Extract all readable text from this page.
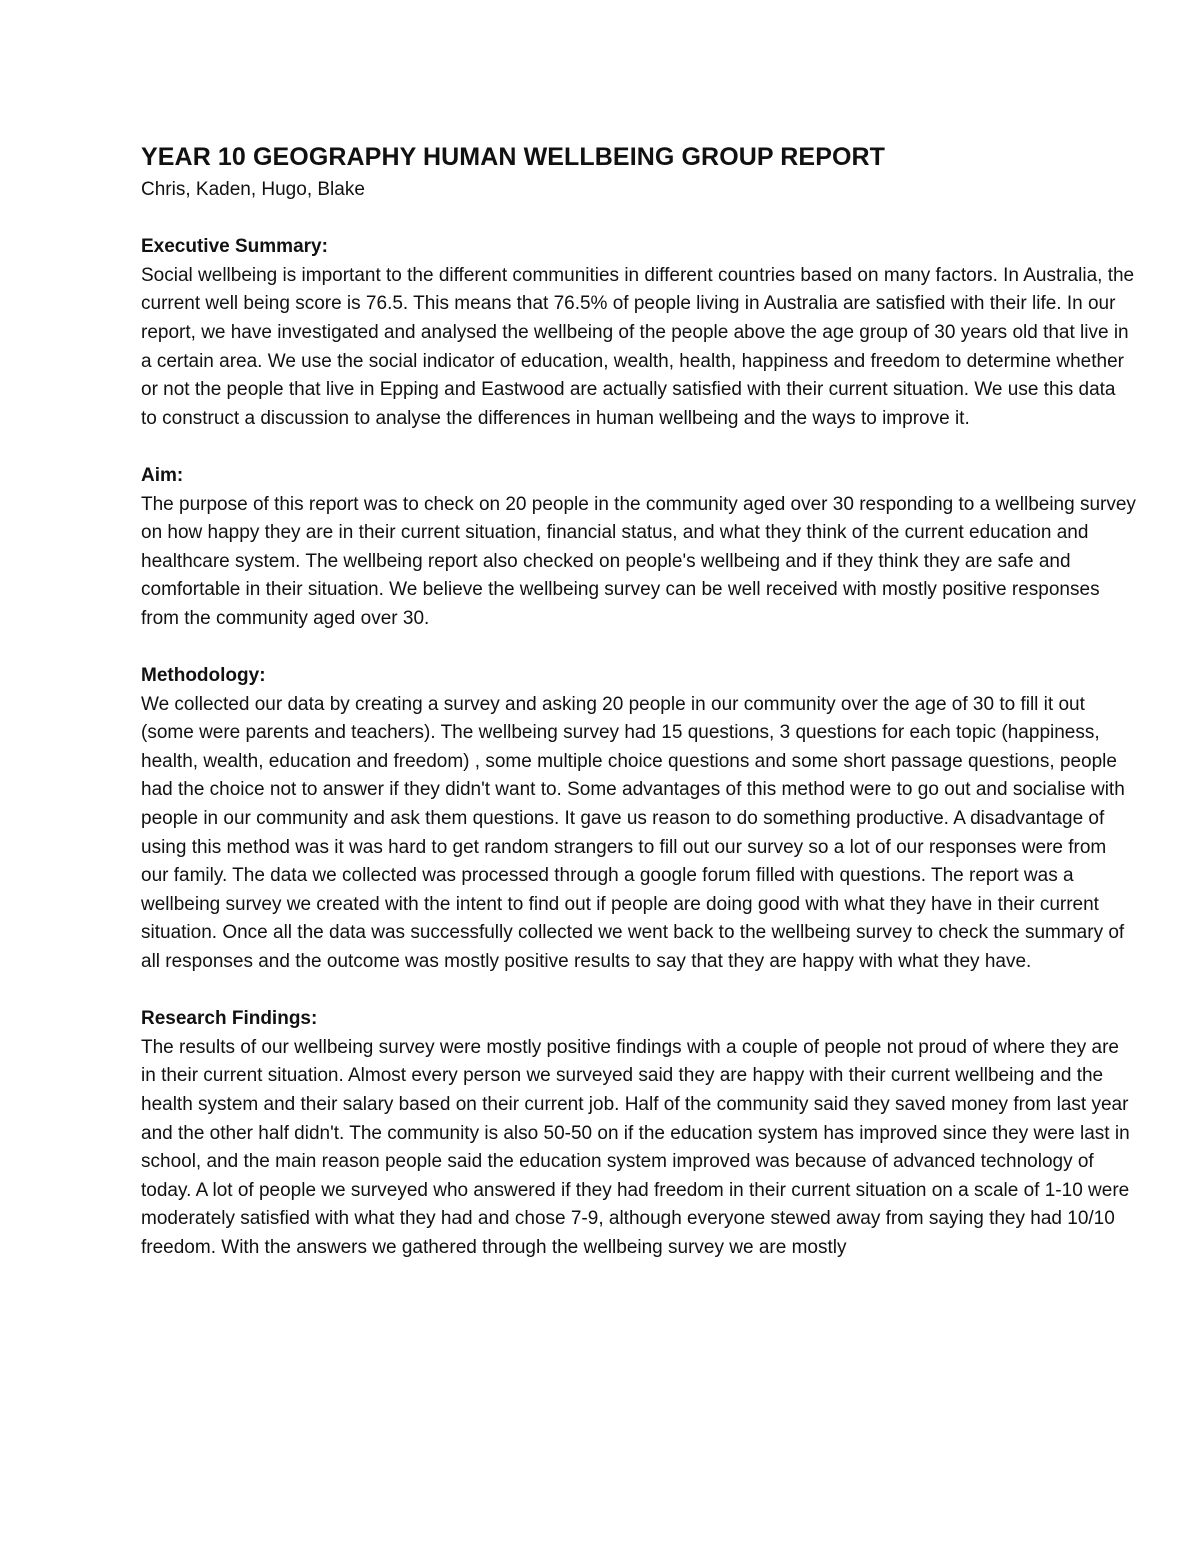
YEAR 10 GEOGRAPHY HUMAN WELLBEING GROUP REPORT

Chris, Kaden, Hugo, Blake

Executive Summary:

Social wellbeing is important to the different communities in different countries based on many factors. In Australia, the current well being score is 76.5. This means that 76.5% of people living in Australia are satisfied with their life. In our report, we have investigated and analysed the wellbeing of the people above the age group of 30 years old that live in a certain area. We use the social indicator of education, wealth, health, happiness and freedom to determine whether or not the people that live in Epping and Eastwood are actually satisfied with their current situation. We use this data to construct a discussion to analyse the differences in human wellbeing and the ways to improve it.

Aim:

The purpose of this report was to check on 20 people in the community aged over 30 responding to a wellbeing survey on how happy they are in their current situation, financial status, and what they think of the current education and healthcare system. The wellbeing report also checked on people's wellbeing and if they think they are safe and comfortable in their situation. We believe the wellbeing survey can be well received with mostly positive responses from the community aged over 30.

Methodology:

We collected our data by creating a survey and asking 20 people in our community over the age of 30 to fill it out (some were parents and teachers). The wellbeing survey had 15 questions, 3 questions for each topic (happiness, health, wealth, education and freedom) , some multiple choice questions and some short passage questions, people had the choice not to answer if they didn't want to. Some advantages of this method were to go out and socialise with people in our community and ask them questions. It gave us reason to do something productive. A disadvantage of using this method was it was hard to get random strangers to fill out our survey so a lot of our responses were from our family. The data we collected was processed through a google forum filled with questions. The report was a wellbeing survey we created with the intent to find out if people are doing good with what they have in their current situation. Once all the data was successfully collected we went back to the wellbeing survey to check the summary of all responses and the outcome was mostly positive results to say that they are happy with what they have.

Research Findings:

The results of our wellbeing survey were mostly positive findings with a couple of people not proud of where they are in their current situation. Almost every person we surveyed said they are happy with their current wellbeing and the health system and their salary based on their current job. Half of the community said they saved money from last year and the other half didn't. The community is also 50-50 on if the education system has improved since they were last in school, and the main reason people said the education system improved was because of advanced technology of today. A lot of people we surveyed who answered if they had freedom in their current situation on a scale of 1-10 were moderately satisfied with what they had and chose 7-9, although everyone stewed away from saying they had 10/10 freedom. With the answers we gathered through the wellbeing survey we are mostly
